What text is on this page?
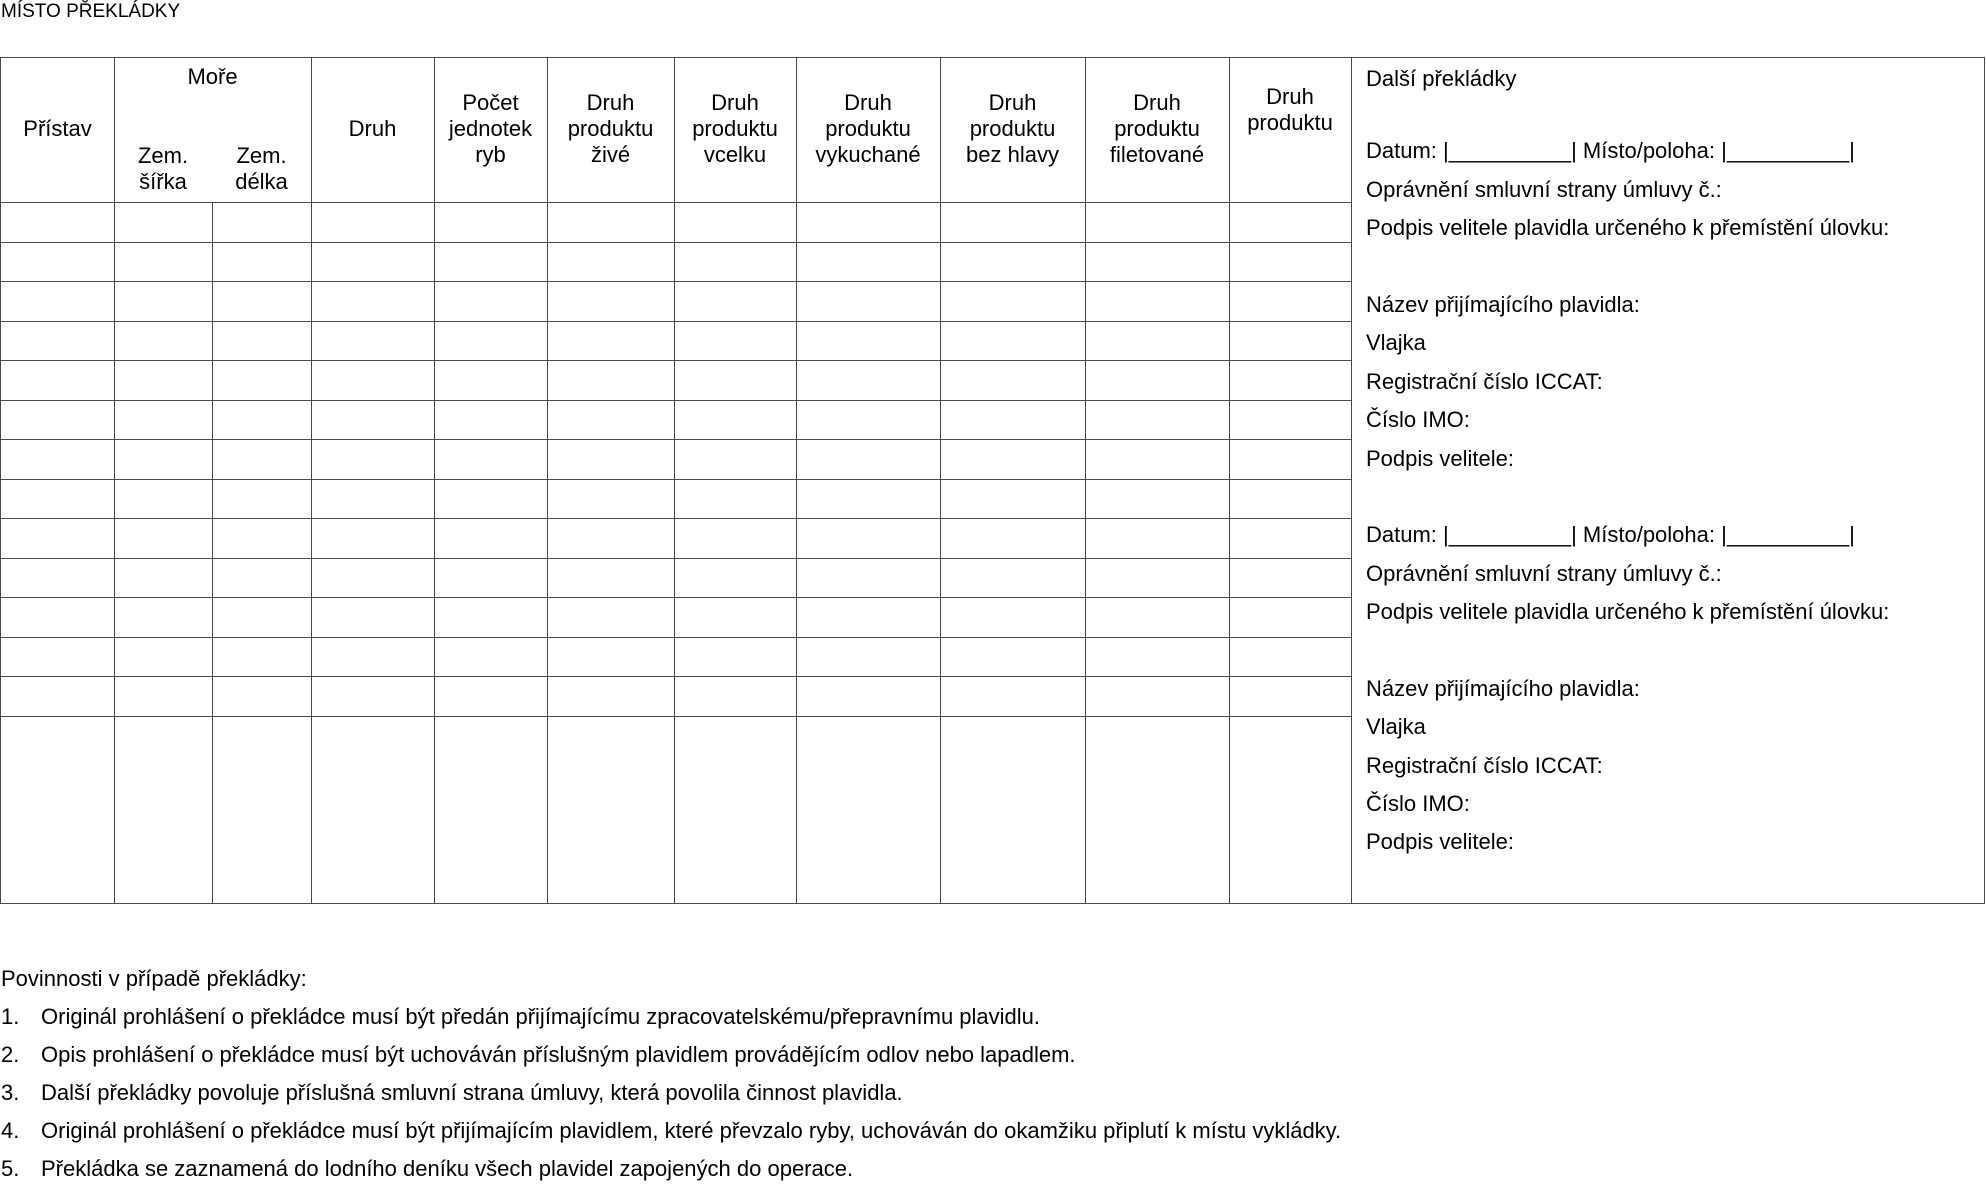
MÍSTO PŘEKLÁDKY
Přístav
Moře
Zem.
šířka
Zem.
délka
Druh
Počet
jednotek
ryb
Druh
produktu
živé
Druh
produktu
vcelku
Druh
produktu
vykuchané
Druh
produktu
bez hlavy
Druh
produktu
filetované
Druh
produktu
Další překládky
Datum: |__________| Místo/poloha: |__________|
Oprávnění smluvní strany úmluvy č.:
Podpis velitele plavidla určeného k přemístění úlovku:
Název přijímajícího plavidla:
Vlajka
Registrační číslo ICCAT:
Číslo IMO:
Podpis velitele:
Datum: |__________| Místo/poloha: |__________|
Oprávnění smluvní strany úmluvy č.:
Podpis velitele plavidla určeného k přemístění úlovku:
Název přijímajícího plavidla:
Vlajka
Registrační číslo ICCAT:
Číslo IMO:
Podpis velitele:
Povinnosti v případě překládky:
1. Originál prohlášení o překládce musí být předán přijímajícímu zpracovatelskému/přepravnímu plavidlu.
2. Opis prohlášení o překládce musí být uchováván příslušným plavidlem provádějícím odlov nebo lapadlem.
3. Další překládky povoluje příslušná smluvní strana úmluvy, která povolila činnost plavidla.
4. Originál prohlášení o překládce musí být přijímajícím plavidlem, které převzalo ryby, uchováván do okamžiku připlutí k místu vykládky.
5. Překládka se zaznamená do lodního deníku všech plavidel zapojených do operace.
